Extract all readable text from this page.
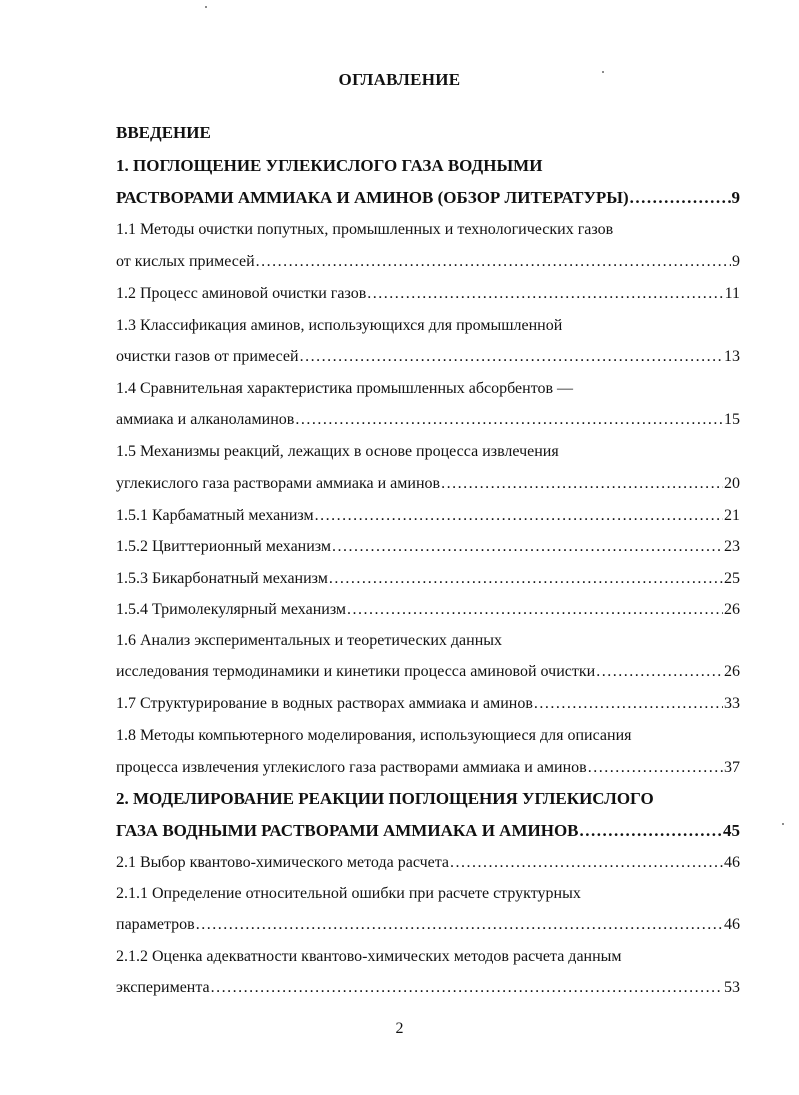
ОГЛАВЛЕНИЕ
ВВЕДЕНИЕ
1. ПОГЛОЩЕНИЕ УГЛЕКИСЛОГО ГАЗА ВОДНЫМИ
РАСТВОРАМИ АММИАКА И АМИНОВ (ОБЗОР ЛИТЕРАТУРЫ) .....	9
1.1 Методы очистки попутных, промышленных и технологических газов
от кислых примесей .....	9
1.2 Процесс аминовой очистки газов .....	11
1.3 Классификация аминов, использующихся для промышленной
очистки газов от примесей .....	13
1.4 Сравнительная характеристика промышленных абсорбентов —
аммиака и алканоламинов .....	15
1.5 Механизмы реакций, лежащих в основе процесса извлечения
углекислого газа растворами аммиака и аминов .....	20
1.5.1 Карбаматный механизм .....	21
1.5.2 Цвиттерионный механизм .....	23
1.5.3 Бикарбонатный механизм .....	25
1.5.4 Тримолекулярный механизм .....	26
1.6 Анализ экспериментальных и теоретических данных
исследования термодинамики и кинетики процесса аминовой очистки .....	26
1.7 Структурирование в водных растворах аммиака и аминов .....	33
1.8 Методы компьютерного моделирования, использующиеся для описания
процесса извлечения углекислого газа растворами аммиака и аминов .....	37
2. МОДЕЛИРОВАНИЕ РЕАКЦИИ ПОГЛОЩЕНИЯ УГЛЕКИСЛОГО
ГАЗА ВОДНЫМИ РАСТВОРАМИ АММИАКА И АМИНОВ .....	45
2.1 Выбор квантово-химического метода расчета .....	46
2.1.1 Определение относительной ошибки при расчете структурных
параметров .....	46
2.1.2 Оценка адекватности квантово-химических методов расчета данным
эксперимента .....	53
2
